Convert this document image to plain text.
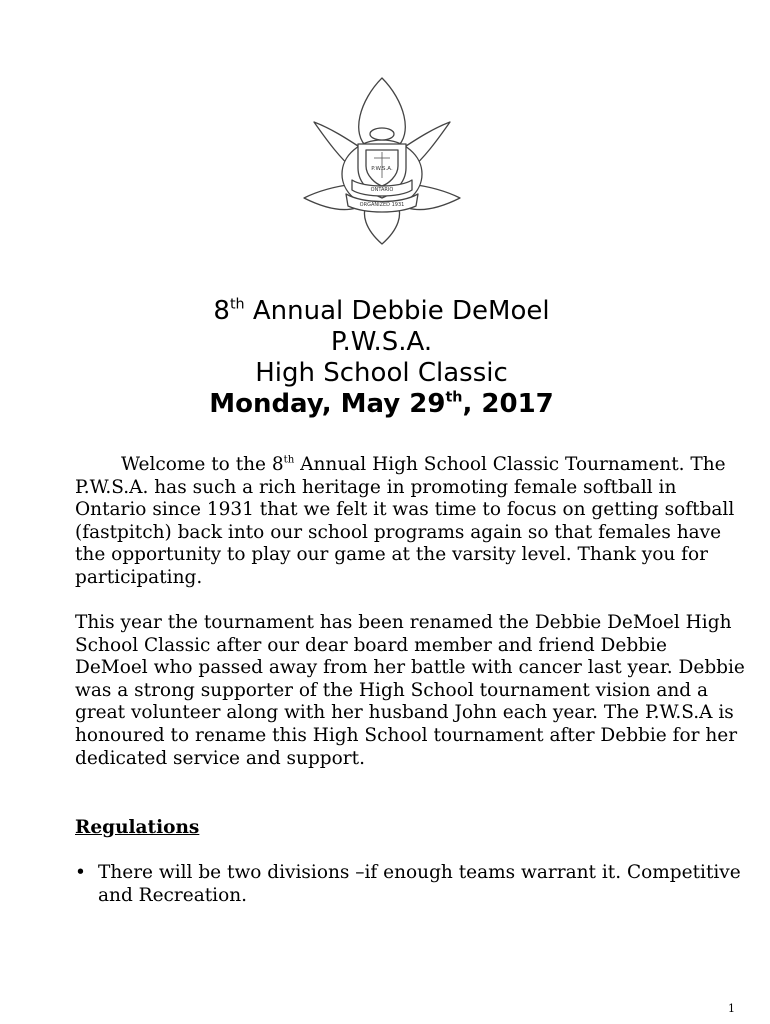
P.W.S.A.
ONTARIO
ORGANIZED 1931
8th Annual Debbie DeMoel
P.W.S.A.
High School Classic
Monday, May 29th, 2017

Welcome to the 8th Annual High School Classic Tournament. The P.W.S.A. has such a rich heritage in promoting female softball in Ontario since 1931 that we felt it was time to focus on getting softball (fastpitch) back into our school programs again so that females have the opportunity to play our game at the varsity level. Thank you for participating.

This year the tournament has been renamed the Debbie DeMoel High School Classic after our dear board member and friend Debbie DeMoel who passed away from her battle with cancer last year. Debbie was a strong supporter of the High School tournament vision and a great volunteer along with her husband John each year. The P.W.S.A is honoured to rename this High School tournament after Debbie for her dedicated service and support.

Regulations
• There will be two divisions –if enough teams warrant it. Competitive and Recreation.
1
